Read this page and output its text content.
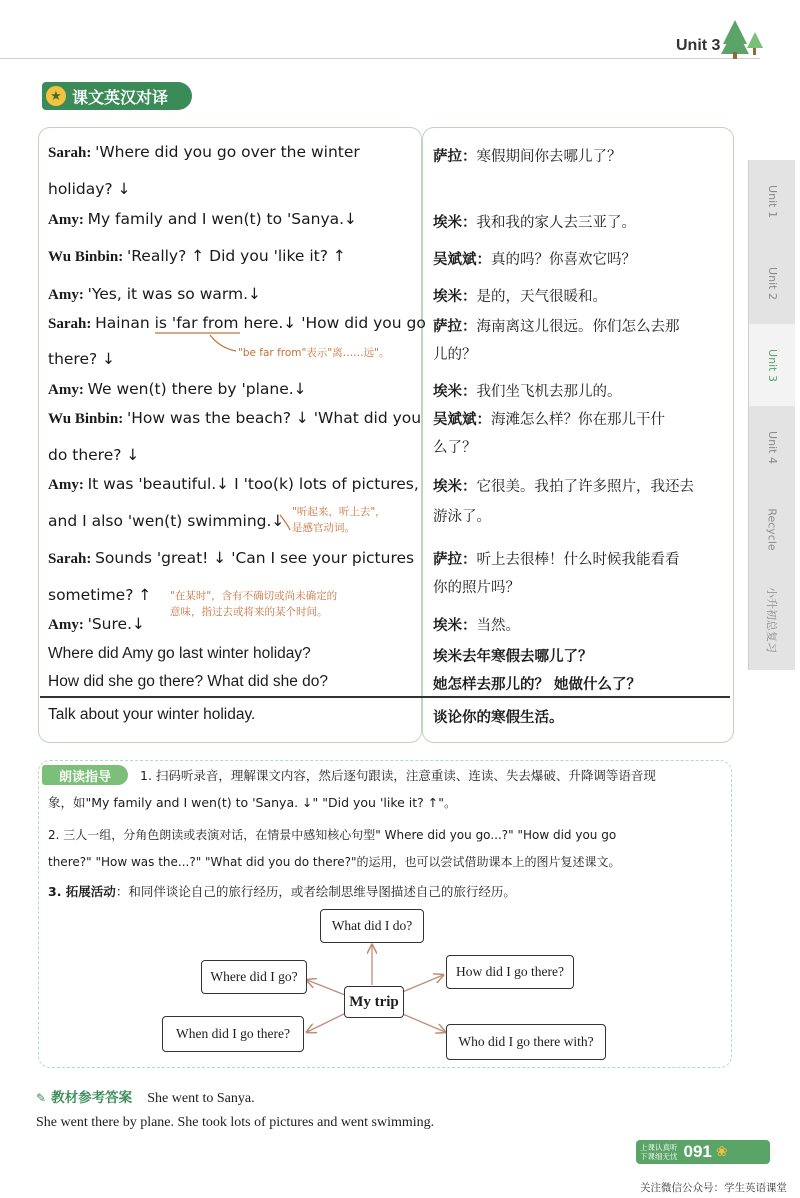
Unit 3
★ 课文英汉对译
Unit 1
Unit 2
Unit 3
Unit 4
Recycle
小升初总复习
Sarah: 'Where did you go over the winter
holiday? ↓
Amy: My family and I wen(t) to 'Sanya.↓
Wu Binbin: 'Really? ↑ Did you 'like it? ↑
Amy: 'Yes, it was so warm.↓
Sarah: Hainan is 'far from here.↓ 'How did you go
there? ↓
Amy: We wen(t) there by 'plane.↓
Wu Binbin: 'How was the beach? ↓ 'What did you
do there? ↓
Amy: It was 'beautiful.↓ I 'too(k) lots of pictures,
and I also 'wen(t) swimming.↓
Sarah: Sounds 'great! ↓ 'Can I see your pictures
sometime? ↑
Amy: 'Sure.↓
"be far from"表示"离……远"。
"听起来，听上去"，
是感官动词。
"在某时"，含有不确切或尚未确定的
意味，指过去或将来的某个时间。
萨拉：寒假期间你去哪儿了？
埃米：我和我的家人去三亚了。
吴斌斌：真的吗？你喜欢它吗？
埃米：是的，天气很暖和。
萨拉：海南离这儿很远。你们怎么去那
儿的？
埃米：我们坐飞机去那儿的。
吴斌斌：海滩怎么样？你在那儿干什
么了？
埃米：它很美。我拍了许多照片，我还去
游泳了。
萨拉：听上去很棒！什么时候我能看看
你的照片吗？
埃米：当然。
Where did Amy go last winter holiday?
How did she go there? What did she do?
埃米去年寒假去哪儿了？
她怎样去那儿的？ 她做什么了？
Talk about your winter holiday.	谈论你的寒假生活。
朗读指导	1. 扫码听录音，理解课文内容，然后逐句跟读，注意重读、连读、失去爆破、升降调等语音现
象，如"My family and I wen(t) to 'Sanya. ↓" "Did you 'like it? ↑"。
2. 三人一组，分角色朗读或表演对话，在情景中感知核心句型" Where did you go...?" "How did you go
there?" "How was the...?" "What did you do there?"的运用，也可以尝试借助课本上的图片复述课文。
3. 拓展活动：和同伴谈论自己的旅行经历，或者绘制思维导图描述自己的旅行经历。
My trip
What did I do?
How did I go there?
Where did I go?
When did I go there?
Who did I go there with?
✎ 教材参考答案 She went to Sanya.
She went there by plane. She took lots of pictures and went swimming.
上课认真听
下课细无忧 091 ❀
关注微信公众号：学生英语课堂
